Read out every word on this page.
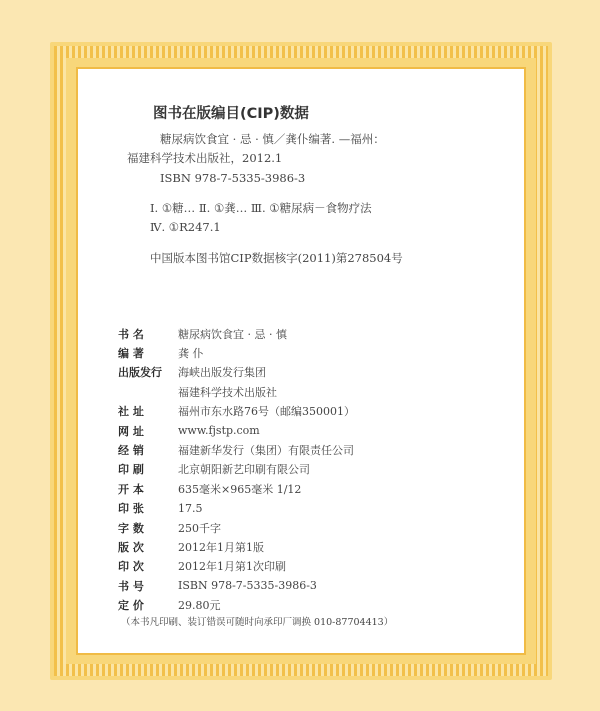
图书在版编目(CIP)数据
糖尿病饮食宜 · 忌 · 慎／龚仆编著. —福州：
福建科学技术出版社，2012.1
ISBN 978-7-5335-3986-3
Ⅰ. ①糖… Ⅱ. ①龚… Ⅲ. ①糖尿病－食物疗法
Ⅳ. ①R247.1
中国版本图书馆CIP数据核字(2011)第278504号
书 名	糖尿病饮食宜 · 忌 · 慎
编 著	龚 仆
出版发行	海峡出版发行集团
福建科学技术出版社
社 址	福州市东水路76号（邮编350001）
网 址	www.fjstp.com
经 销	福建新华发行（集团）有限责任公司
印 刷	北京朝阳新艺印刷有限公司
开 本	635毫米×965毫米 1/12
印 张	17.5
字 数	250千字
版 次	2012年1月第1版
印 次	2012年1月第1次印刷
书 号	ISBN 978-7-5335-3986-3
定 价	29.80元
（本书凡印刷、装订错误可随时向承印厂调换 010-87704413）
